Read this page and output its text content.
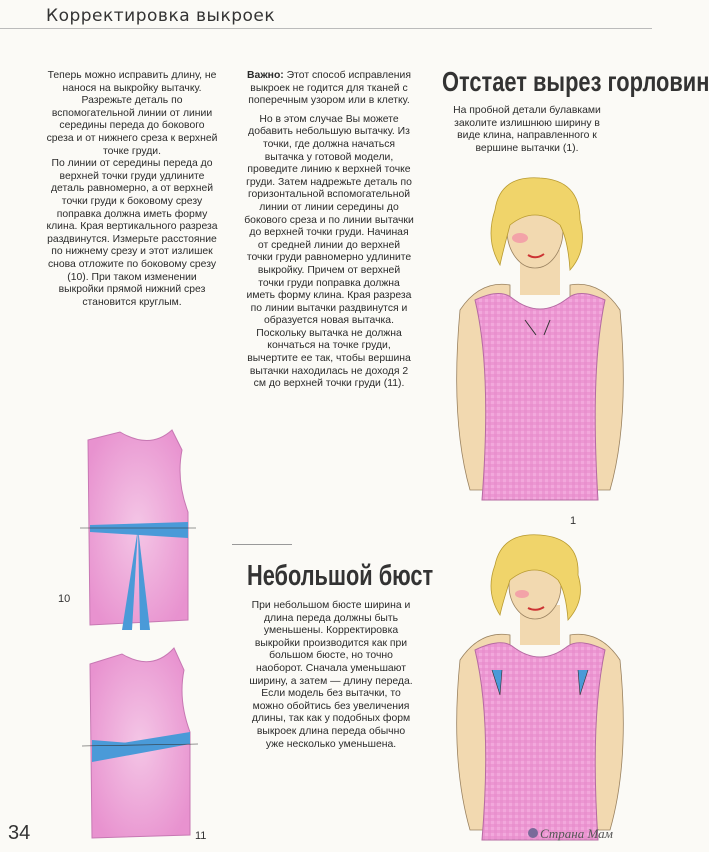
Корректировка выкроек

Теперь можно исправить длину, не нанося на выкройку вытачку. Разрежьте деталь по вспомогательной линии от линии середины переда до бокового среза и от нижнего среза к верхней точке груди.

По линии от середины переда до верхней точки груди удлините деталь равномерно, а от верхней точки груди к боковому срезу поправка должна иметь форму клина. Края вертикального разреза раздвинутся. Измерьте расстояние по нижнему срезу и этот излишек снова отложите по боковому срезу (10). При таком изменении выкройки прямой нижний срез становится круглым.

Важно: Этот способ исправления выкроек не годится для тканей с поперечным узором или в клетку.

Но в этом случае Вы можете добавить небольшую вытачку. Из точки, где должна начаться вытачка у готовой модели, проведите линию к верхней точке груди. Затем надрежьте деталь по горизонтальной вспомогательной линии от линии середины до бокового среза и по линии вытачки до верхней точки груди. Начиная от средней линии до верхней точки груди равномерно удлините выкройку. Причем от верхней точки груди поправка должна иметь форму клина. Края разреза по линии вытачки раздвинутся и образуется новая вытачка. Поскольку вытачка не должна кончаться на точке груди, вычертите ее так, чтобы вершина вытачки находилась не доходя 2 см до верхней точки груди (11).

Отстает вырез горловин
На пробной детали булавками заколите излишнюю ширину в виде клина, направленного к вершине вытачки (1).
Небольшой бюст
При небольшом бюсте ширина и длина переда должны быть уменьшены. Корректировка выкройки производится как при большом бюсте, но точно наоборот. Сначала уменьшают ширину, а затем — длину переда. Если модель без вытачки, то можно обойтись без увеличения длины, так как у подобных форм выкроек длина переда обычно уже несколько уменьшена.
10
11
1
34	Страна Мам
